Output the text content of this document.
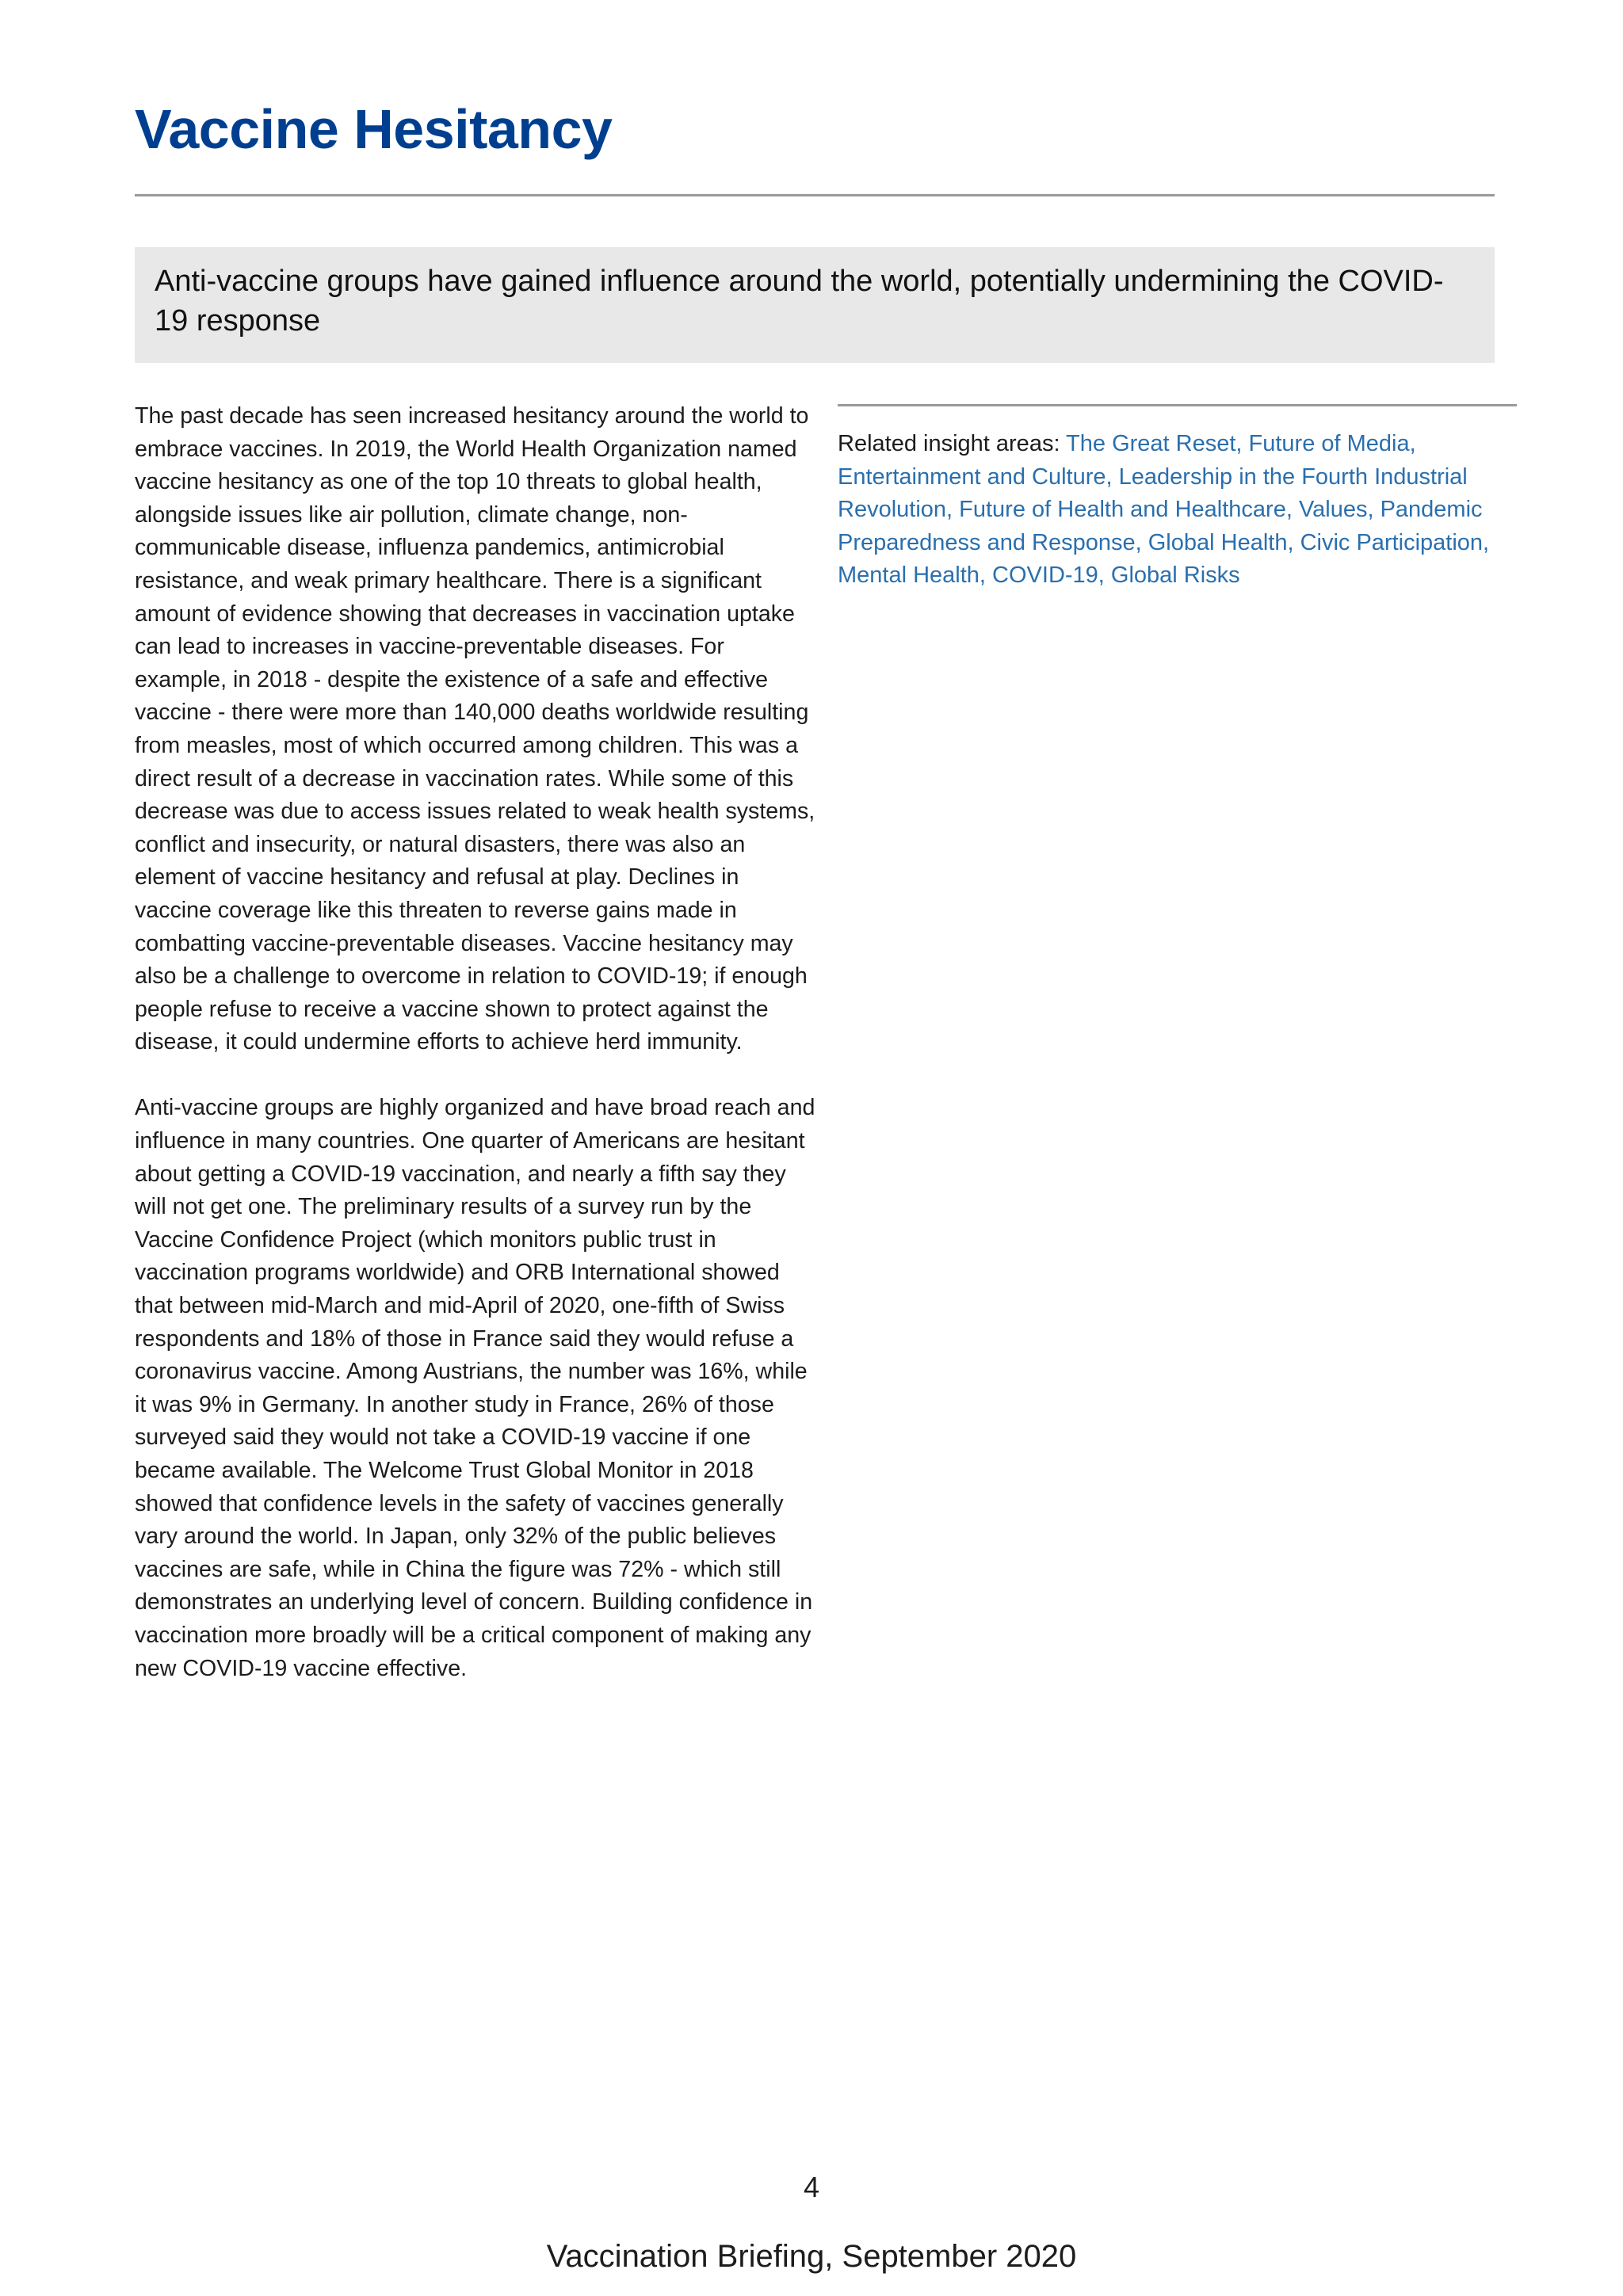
Vaccine Hesitancy
Anti-vaccine groups have gained influence around the world, potentially undermining the COVID-19 response

The past decade has seen increased hesitancy around the world to embrace vaccines. In 2019, the World Health Organization named vaccine hesitancy as one of the top 10 threats to global health, alongside issues like air pollution, climate change, non-communicable disease, influenza pandemics, antimicrobial resistance, and weak primary healthcare. There is a significant amount of evidence showing that decreases in vaccination uptake can lead to increases in vaccine-preventable diseases. For example, in 2018 - despite the existence of a safe and effective vaccine - there were more than 140,000 deaths worldwide resulting from measles, most of which occurred among children. This was a direct result of a decrease in vaccination rates. While some of this decrease was due to access issues related to weak health systems, conflict and insecurity, or natural disasters, there was also an element of vaccine hesitancy and refusal at play. Declines in vaccine coverage like this threaten to reverse gains made in combatting vaccine-preventable diseases. Vaccine hesitancy may also be a challenge to overcome in relation to COVID-19; if enough people refuse to receive a vaccine shown to protect against the disease, it could undermine efforts to achieve herd immunity.

Anti-vaccine groups are highly organized and have broad reach and influence in many countries. One quarter of Americans are hesitant about getting a COVID-19 vaccination, and nearly a fifth say they will not get one. The preliminary results of a survey run by the Vaccine Confidence Project (which monitors public trust in vaccination programs worldwide) and ORB International showed that between mid-March and mid-April of 2020, one-fifth of Swiss respondents and 18% of those in France said they would refuse a coronavirus vaccine. Among Austrians, the number was 16%, while it was 9% in Germany. In another study in France, 26% of those surveyed said they would not take a COVID-19 vaccine if one became available. The Welcome Trust Global Monitor in 2018 showed that confidence levels in the safety of vaccines generally vary around the world. In Japan, only 32% of the public believes vaccines are safe, while in China the figure was 72% - which still demonstrates an underlying level of concern. Building confidence in vaccination more broadly will be a critical component of making any new COVID-19 vaccine effective.

Related insight areas: The Great Reset, Future of Media, Entertainment and Culture, Leadership in the Fourth Industrial Revolution, Future of Health and Healthcare, Values, Pandemic Preparedness and Response, Global Health, Civic Participation, Mental Health, COVID-19, Global Risks
4
Vaccination Briefing, September 2020
